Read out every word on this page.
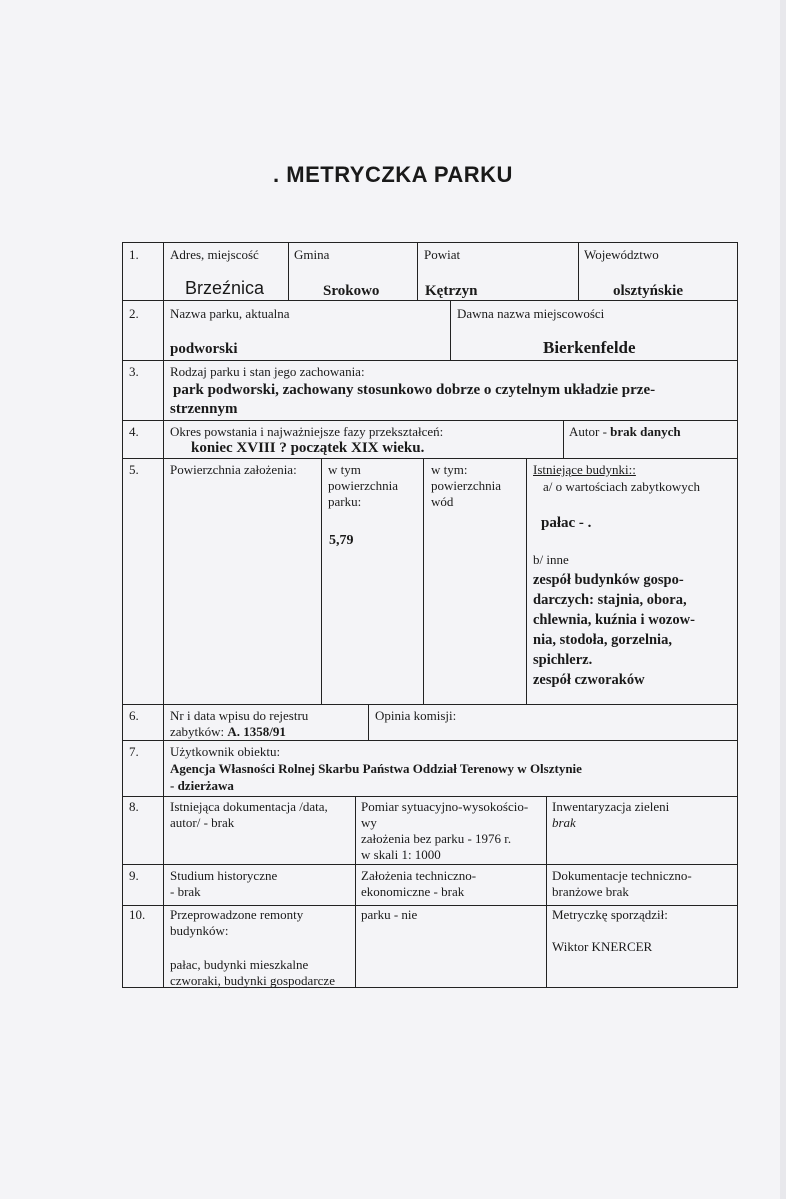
. METRYCZKA PARKU
1. Adres, miejscość
Brzeźnica
Gmina
Srokowo
Powiat
Kętrzyn
Województwo
olsztyńskie
2. Nazwa parku, aktualna
podworski
Dawna nazwa miejscowości
Bierkenfelde
3. Rodzaj parku i stan jego zachowania:
park podworski, zachowany stosunkowo dobrze o czytelnym układzie prze-
strzennym
4. Okres powstania i najważniejsze fazy przekształceń:
koniec XVIII ? początek XIX wieku.
Autor - brak danych
5. Powierzchnia założenia: w tym
powierzchnia
parku:
5,79
w tym:
powierzchnia
wód
Istniejące budynki::
a/ o wartościach zabytkowych
pałac - .
b/ inne
zespół budynków gospo-
darczych: stajnia, obora,
chlewnia, kuźnia i wozow-
nia, stodoła, gorzelnia,
spichlerz.
zespół czworaków
6. Nr i data wpisu do rejestru
zabytków: A. 1358/91
Opinia komisji:
7. Użytkownik obiektu:
Agencja Własności Rolnej Skarbu Państwa Oddział Terenowy w Olsztynie
- dzierżawa
8. Istniejąca dokumentacja /data,
autor/ - brak
Pomiar sytuacyjno-wysokościo-
wy
założenia bez parku - 1976 r.
w skali 1: 1000
Inwentaryzacja zieleni
brak
9. Studium historyczne
- brak
Założenia techniczno-
ekonomiczne - brak
Dokumentacje techniczno-
branżowe brak
10. Przeprowadzone remonty
budynków:
pałac, budynki mieszkalne
czworaki, budynki gospodarcze
parku - nie	Metryczkę sporządził:
Wiktor KNERCER
